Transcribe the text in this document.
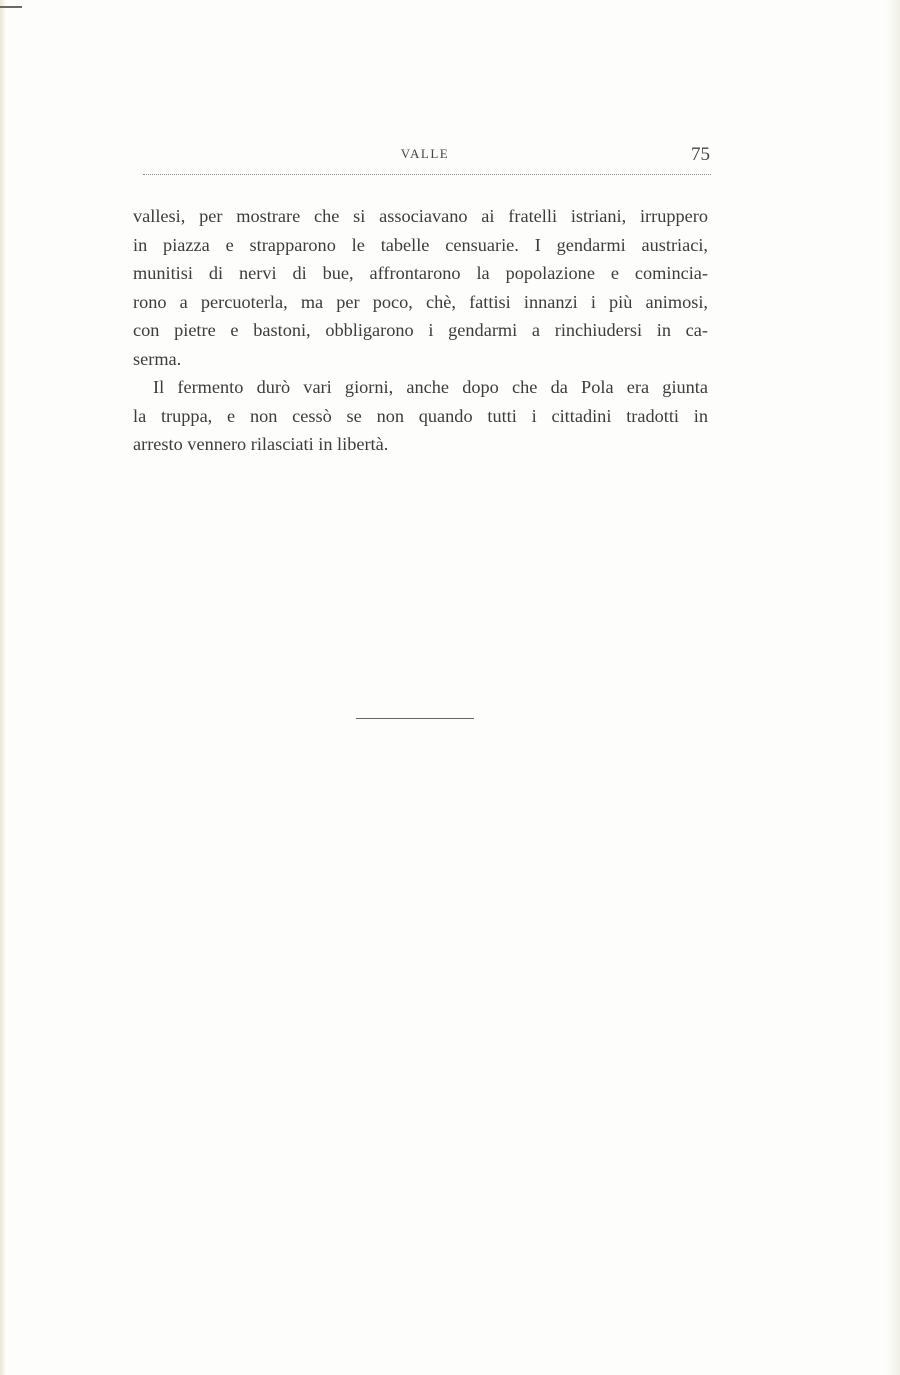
VALLE	75
vallesi, per mostrare che si associavano ai fratelli istriani, irruppero
in piazza e strapparono le tabelle censuarie. I gendarmi austriaci,
munitisi di nervi di bue, affrontarono la popolazione e comincia-
rono a percuoterla, ma per poco, chè, fattisi innanzi i più animosi,
con pietre e bastoni, obbligarono i gendarmi a rinchiudersi in ca-
serma.
Il fermento durò vari giorni, anche dopo che da Pola era giunta
la truppa, e non cessò se non quando tutti i cittadini tradotti in
arresto vennero rilasciati in libertà.
